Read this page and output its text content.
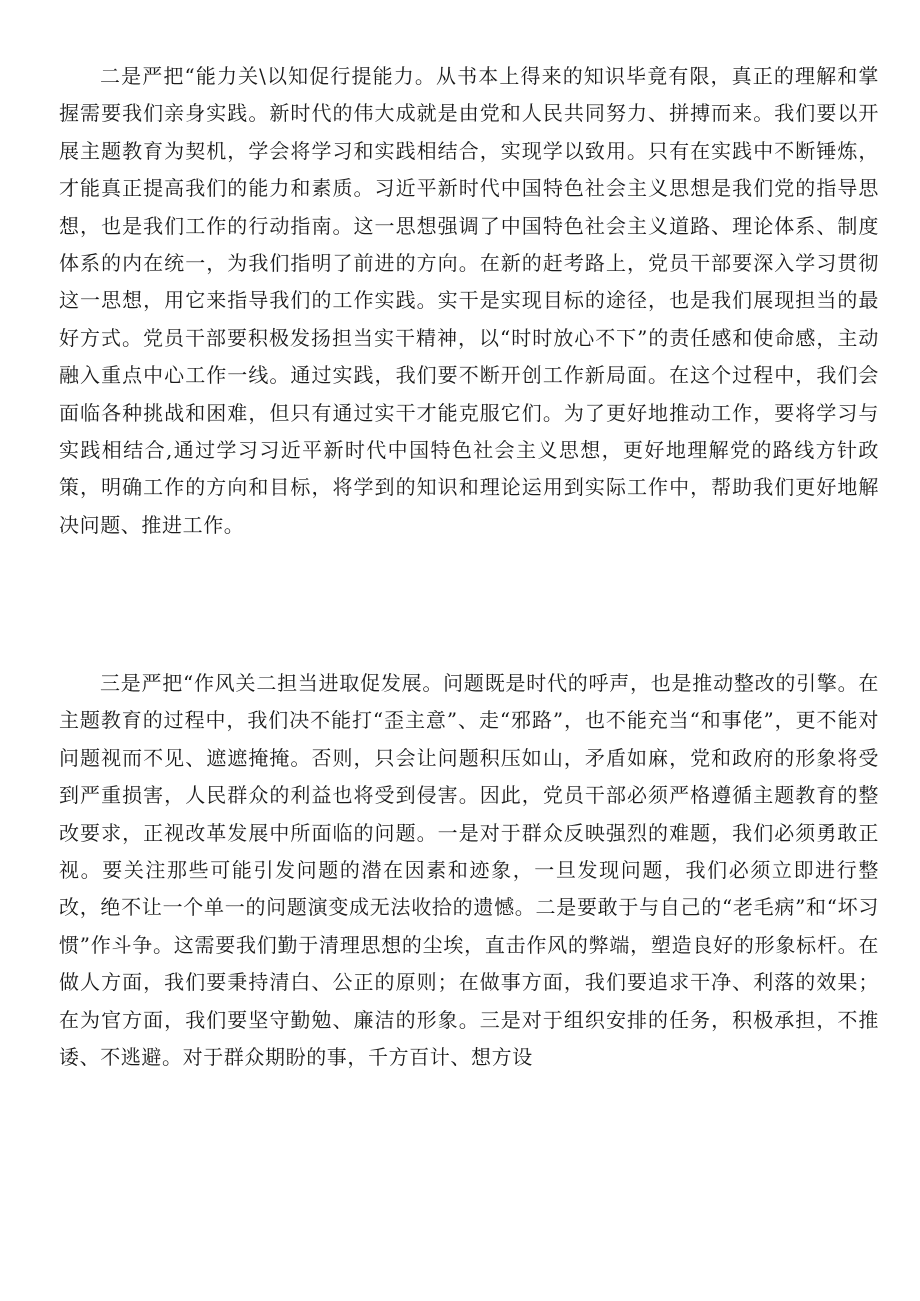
二是严把“能力关\以知促行提能力。从书本上得来的知识毕竟有限，真正的理解和掌握需要我们亲身实践。新时代的伟大成就是由党和人民共同努力、拼搏而来。我们要以开展主题教育为契机，学会将学习和实践相结合，实现学以致用。只有在实践中不断锤炼，才能真正提高我们的能力和素质。习近平新时代中国特色社会主义思想是我们党的指导思想，也是我们工作的行动指南。这一思想强调了中国特色社会主义道路、理论体系、制度体系的内在统一，为我们指明了前进的方向。在新的赶考路上，党员干部要深入学习贯彻这一思想，用它来指导我们的工作实践。实干是实现目标的途径，也是我们展现担当的最好方式。党员干部要积极发扬担当实干精神，以“时时放心不下”的责任感和使命感，主动融入重点中心工作一线。通过实践，我们要不断开创工作新局面。在这个过程中，我们会面临各种挑战和困难，但只有通过实干才能克服它们。为了更好地推动工作，要将学习与实践相结合,通过学习习近平新时代中国特色社会主义思想，更好地理解党的路线方针政策，明确工作的方向和目标，将学到的知识和理论运用到实际工作中，帮助我们更好地解决问题、推进工作。

三是严把“作风关二担当进取促发展。问题既是时代的呼声，也是推动整改的引擎。在主题教育的过程中，我们决不能打“歪主意”、走“邪路”，也不能充当“和事佬”，更不能对问题视而不见、遮遮掩掩。否则，只会让问题积压如山，矛盾如麻，党和政府的形象将受到严重损害，人民群众的利益也将受到侵害。因此，党员干部必须严格遵循主题教育的整改要求，正视改革发展中所面临的问题。一是对于群众反映强烈的难题，我们必须勇敢正视。要关注那些可能引发问题的潜在因素和迹象，一旦发现问题，我们必须立即进行整改，绝不让一个单一的问题演变成无法收拾的遗憾。二是要敢于与自己的“老毛病”和“坏习惯”作斗争。这需要我们勤于清理思想的尘埃，直击作风的弊端，塑造良好的形象标杆。在做人方面，我们要秉持清白、公正的原则；在做事方面，我们要追求干净、利落的效果；在为官方面，我们要坚守勤勉、廉洁的形象。三是对于组织安排的任务，积极承担，不推诿、不逃避。对于群众期盼的事，千方百计、想方设
